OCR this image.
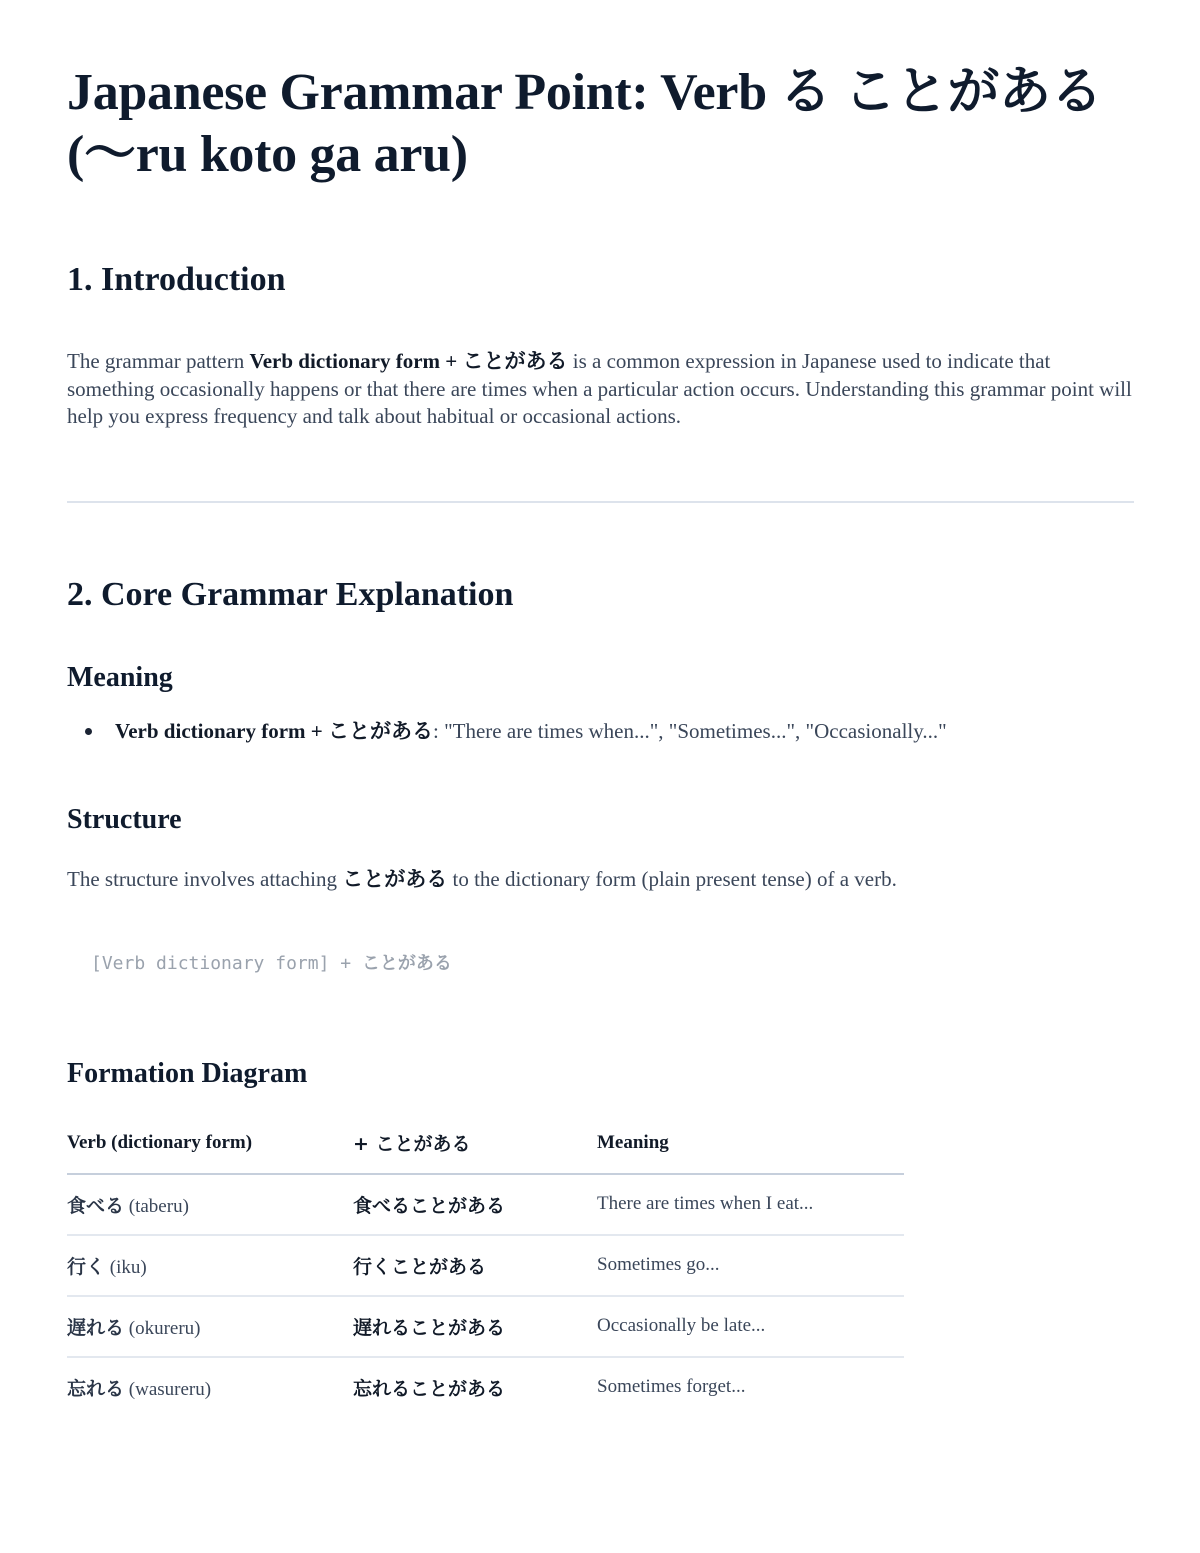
Japanese Grammar Point: Verb る ことがある
(〜ru koto ga aru)
1. Introduction

The grammar pattern Verb dictionary form + ことがある is a common expression in Japanese used to indicate that something occasionally happens or that there are times when a particular action occurs. Understanding this grammar point will help you express frequency and talk about habitual or occasional actions.

2. Core Grammar Explanation
Meaning
Verb dictionary form + ことがある: "There are times when...", "Sometimes...", "Occasionally..."
Structure

The structure involves attaching ことがある to the dictionary form (plain present tense) of a verb.

[Verb dictionary form] + ことがある
Formation Diagram
Verb (dictionary form)	+ ことがある	Meaning
食べる (taberu)	食べることがある	There are times when I eat...
行く (iku)	行くことがある	Sometimes go...
遅れる (okureru)	遅れることがある	Occasionally be late...
忘れる (wasureru)	忘れることがある	Sometimes forget...
